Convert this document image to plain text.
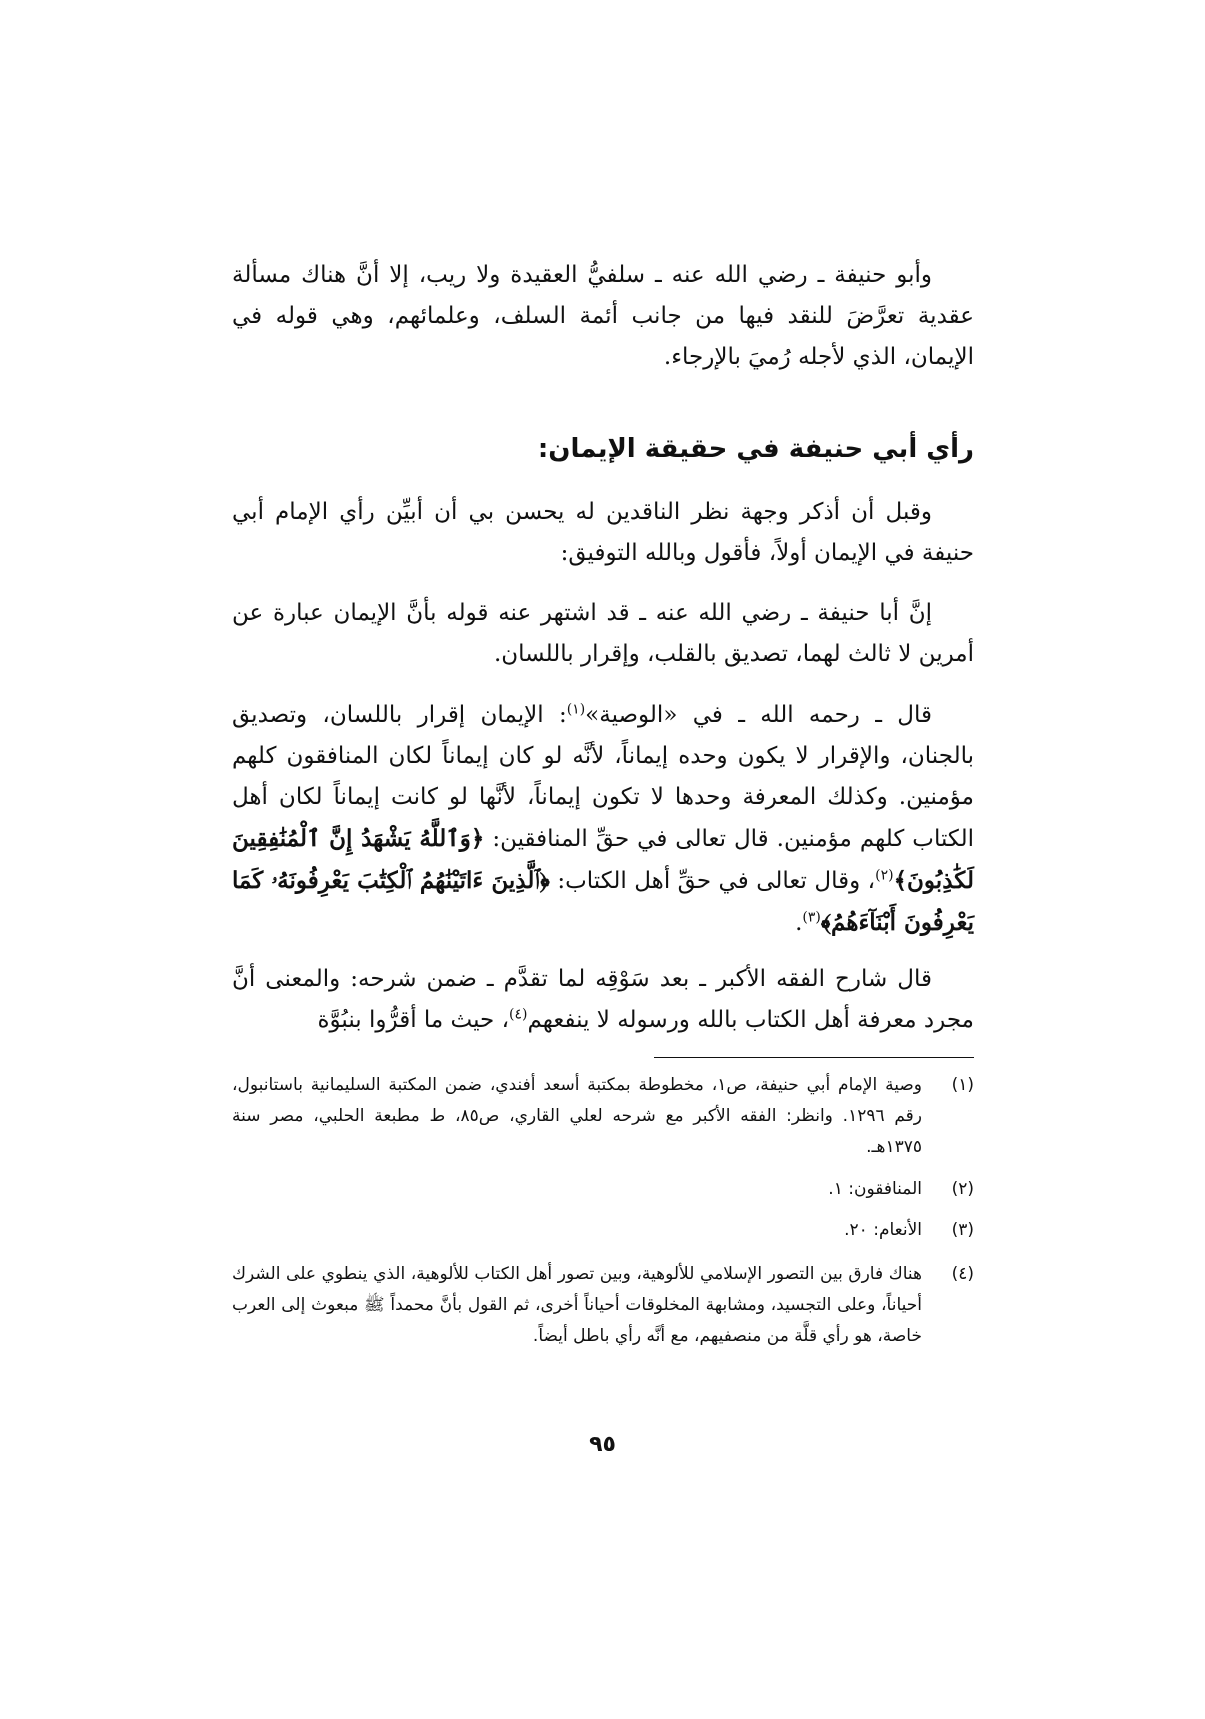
وأبو حنيفة ـ رضي الله عنه ـ سلفيُّ العقيدة ولا ريب، إلا أنَّ هناك مسألة عقدية تعرَّضَ للنقد فيها من جانب أئمة السلف، وعلمائهم، وهي قوله في الإيمان، الذي لأجله رُميَ بالإرجاء.

رأي أبي حنيفة في حقيقة الإيمان:

وقبل أن أذكر وجهة نظر الناقدين له يحسن بي أن أبيِّن رأي الإمام أبي حنيفة في الإيمان أولاً، فأقول وبالله التوفيق:

إنَّ أبا حنيفة ـ رضي الله عنه ـ قد اشتهر عنه قوله بأنَّ الإيمان عبارة عن أمرين لا ثالث لهما، تصديق بالقلب، وإقرار باللسان.

قال ـ رحمه الله ـ في «الوصية»$^{(١)}$: الإيمان إقرار باللسان، وتصديق بالجنان، والإقرار لا يكون وحده إيماناً، لأنَّه لو كان إيماناً لكان المنافقون كلهم مؤمنين. وكذلك المعرفة وحدها لا تكون إيماناً، لأنَّها لو كانت إيماناً لكان أهل الكتاب كلهم مؤمنين. قال تعالى في حقِّ المنافقين: ﴿وَٱللَّهُ يَشْهَدُ إِنَّ ٱلْمُنَٰفِقِينَ لَكَٰذِبُونَ﴾$^{(٢)}$، وقال تعالى في حقِّ أهل الكتاب: ﴿ٱلَّذِينَ ءَاتَيْنَٰهُمُ ٱلْكِتَٰبَ يَعْرِفُونَهُۥ كَمَا يَعْرِفُونَ أَبْنَآءَهُمُ﴾$^{(٣)}$.

قال شارح الفقه الأكبر ـ بعد سَوْقِه لما تقدَّم ـ ضمن شرحه: والمعنى أنَّ مجرد معرفة أهل الكتاب بالله ورسوله لا ينفعهم$^{(٤)}$، حيث ما أقرُّوا بنبُوَّة

(١)
وصية الإمام أبي حنيفة، ص١، مخطوطة بمكتبة أسعد أفندي، ضمن المكتبة السليمانية باستانبول، رقم ١٢٩٦. وانظر: الفقه الأكبر مع شرحه لعلي القاري، ص٨٥، ط مطبعة الحلبي، مصر سنة ١٣٧٥هـ.
(٢)
المنافقون: ١.
(٣)
الأنعام: ٢٠.
(٤)
هناك فارق بين التصور الإسلامي للألوهية، وبين تصور أهل الكتاب للألوهية، الذي ينطوي على الشرك أحياناً، وعلى التجسيد، ومشابهة المخلوقات أحياناً أخرى، ثم القول بأنَّ محمداً ﷺ مبعوث إلى العرب خاصة، هو رأي قلَّة من منصفيهم، مع أنَّه رأي باطل أيضاً.
٩٥
